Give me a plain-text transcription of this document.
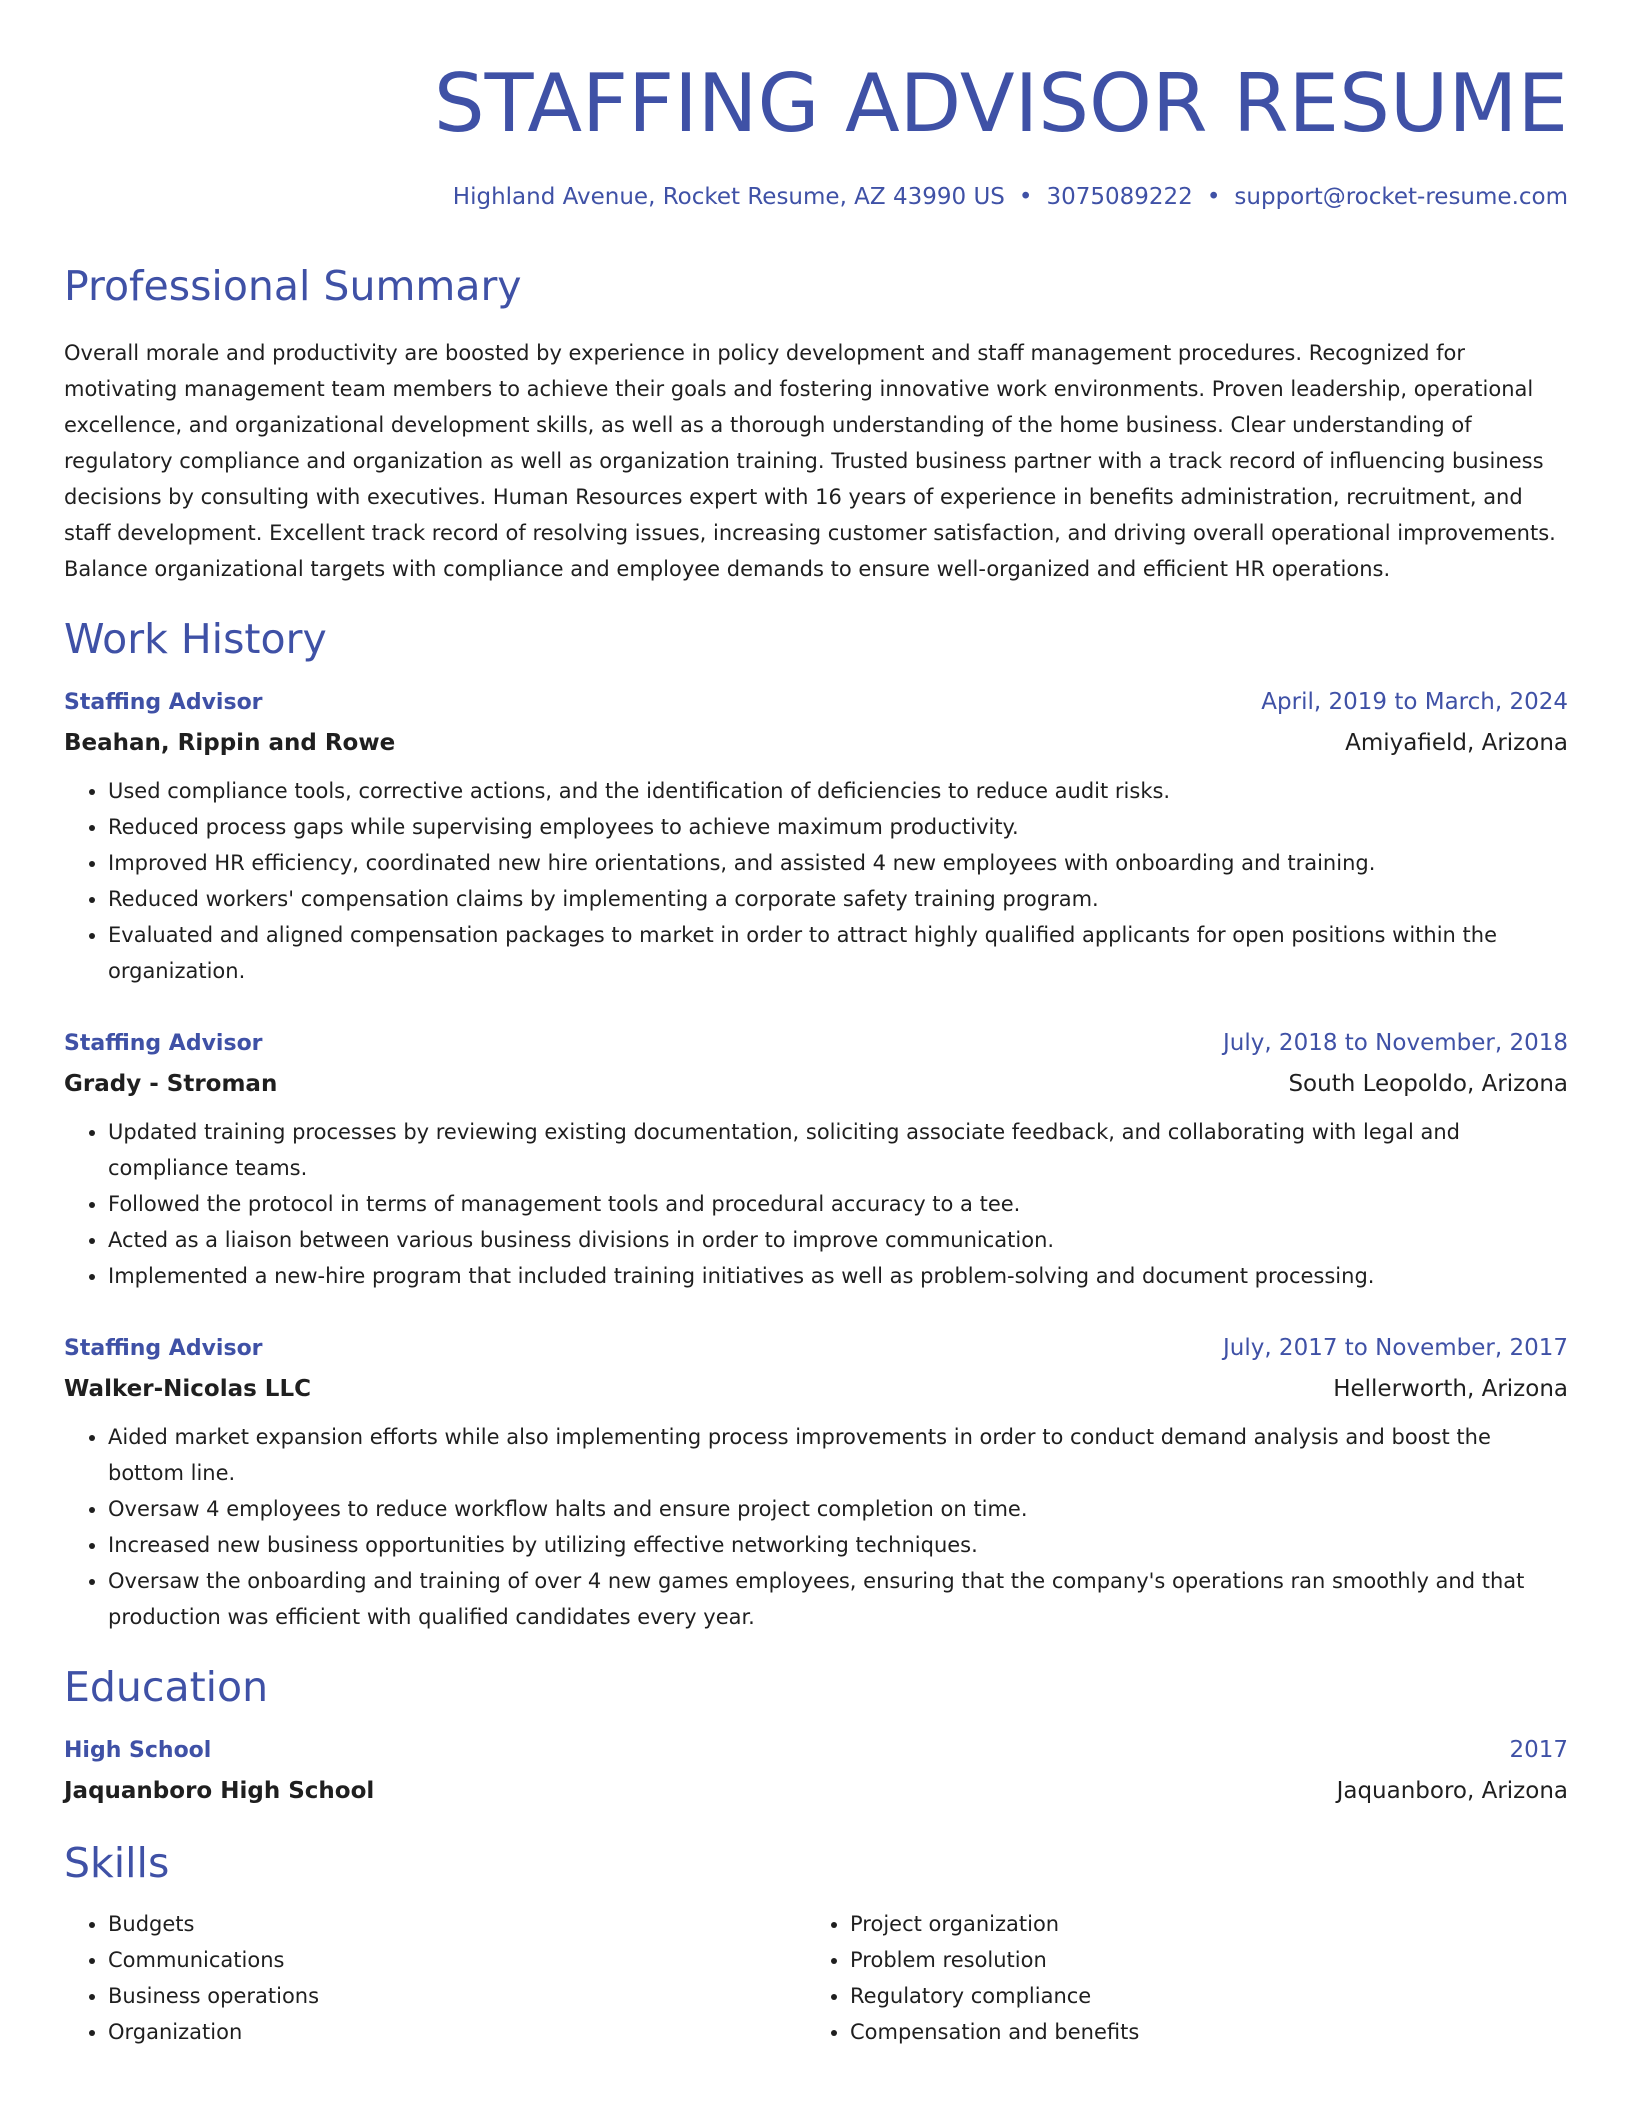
STAFFING ADVISOR RESUME
Highland Avenue, Rocket Resume, AZ 43990 US • 3075089222 • support@rocket-resume.com
Professional Summary

Overall morale and productivity are boosted by experience in policy development and staff management procedures. Recognized for motivating management team members to achieve their goals and fostering innovative work environments. Proven leadership, operational excellence, and organizational development skills, as well as a thorough understanding of the home business. Clear understanding of regulatory compliance and organization as well as organization training. Trusted business partner with a track record of influencing business decisions by consulting with executives. Human Resources expert with 16 years of experience in benefits administration, recruitment, and staff development. Excellent track record of resolving issues, increasing customer satisfaction, and driving overall operational improvements. Balance organizational targets with compliance and employee demands to ensure well-organized and efficient HR operations.

Work History
Staffing Advisor	April, 2019 to March, 2024
Beahan, Rippin and Rowe	Amiyafield, Arizona
• Used compliance tools, corrective actions, and the identification of deficiencies to reduce audit risks.
• Reduced process gaps while supervising employees to achieve maximum productivity.
• Improved HR efficiency, coordinated new hire orientations, and assisted 4 new employees with onboarding and training.
• Reduced workers' compensation claims by implementing a corporate safety training program.
• Evaluated and aligned compensation packages to market in order to attract highly qualified applicants for open positions within the organization.
Staffing Advisor	July, 2018 to November, 2018
Grady - Stroman	South Leopoldo, Arizona
• Updated training processes by reviewing existing documentation, soliciting associate feedback, and collaborating with legal and compliance teams.
• Followed the protocol in terms of management tools and procedural accuracy to a tee.
• Acted as a liaison between various business divisions in order to improve communication.
• Implemented a new-hire program that included training initiatives as well as problem-solving and document processing.
Staffing Advisor	July, 2017 to November, 2017
Walker-Nicolas LLC	Hellerworth, Arizona
• Aided market expansion efforts while also implementing process improvements in order to conduct demand analysis and boost the bottom line.
• Oversaw 4 employees to reduce workflow halts and ensure project completion on time.
• Increased new business opportunities by utilizing effective networking techniques.
• Oversaw the onboarding and training of over 4 new games employees, ensuring that the company's operations ran smoothly and that production was efficient with qualified candidates every year.
Education
High School	2017
Jaquanboro High School	Jaquanboro, Arizona
Skills
• Budgets
• Communications
• Business operations
• Organization
• Project organization
• Problem resolution
• Regulatory compliance
• Compensation and benefits
